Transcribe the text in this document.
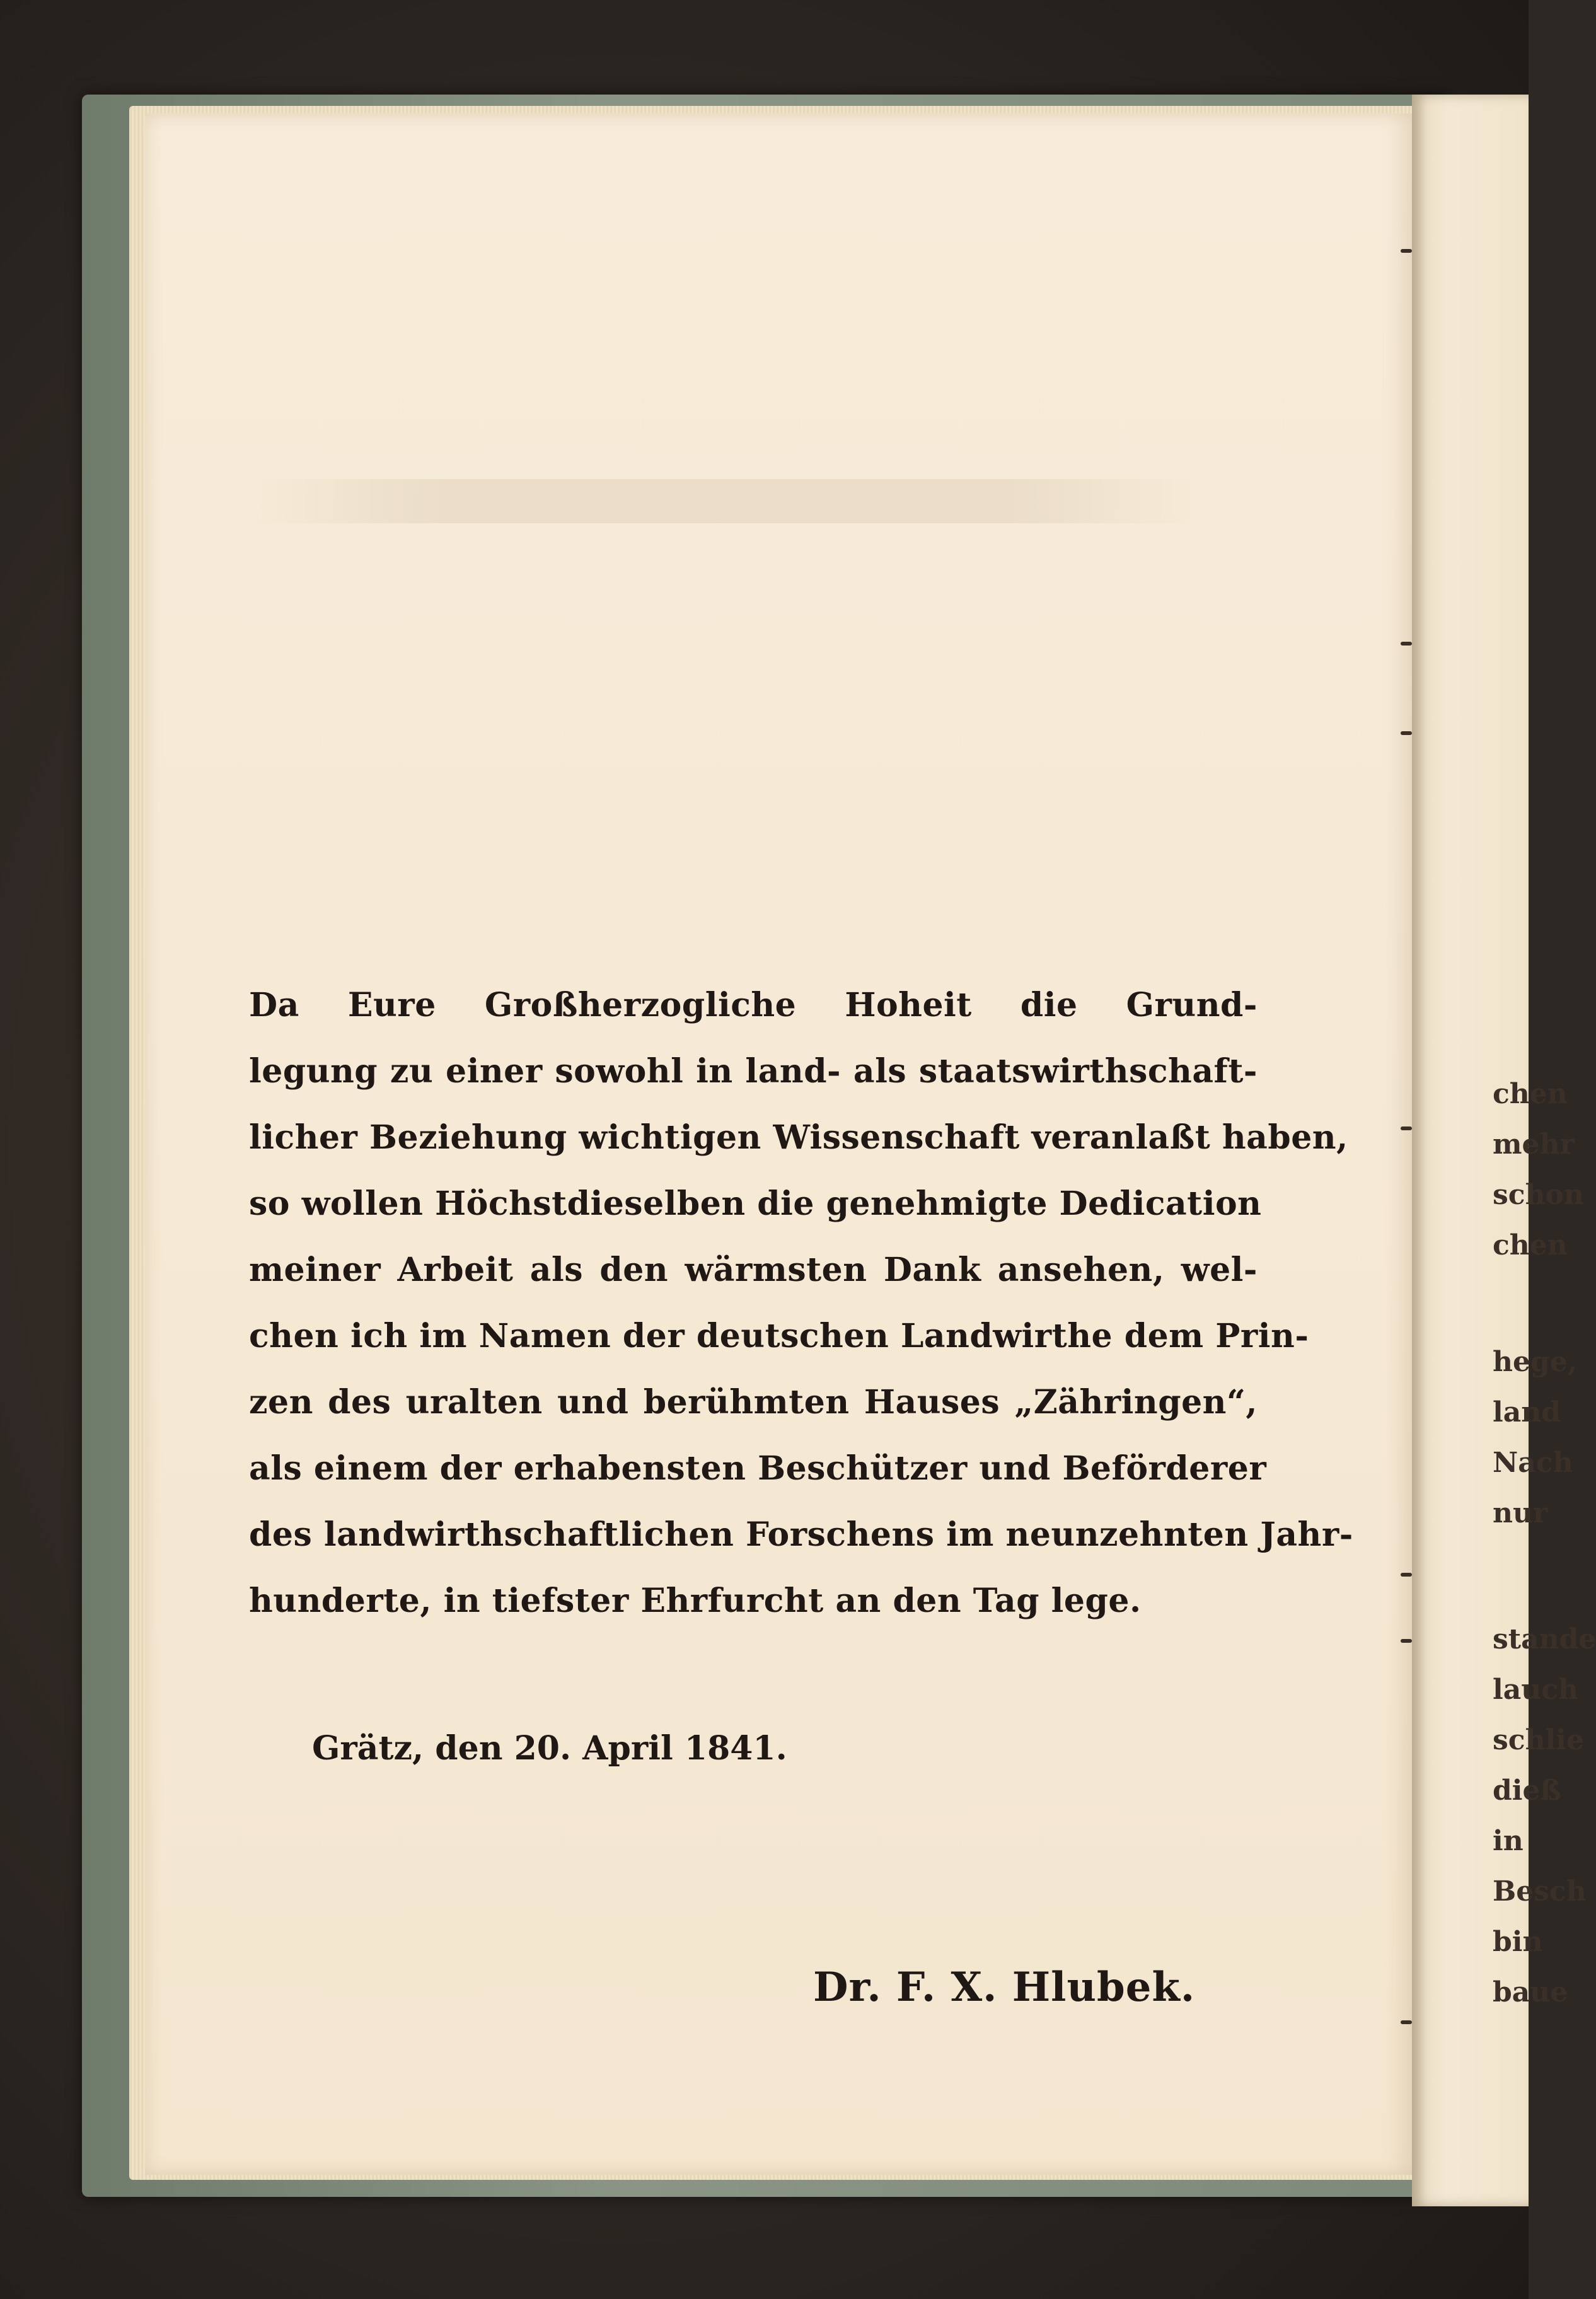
chen
mehr
schon
chen
hege,
land
Nach
nur
stande
lauch
schlie
dieß
in
Besch
bin
baue
Da Eure Großherzogliche Hoheit die Grund-
legung zu einer sowohl in land- als staatswirthschaft-
licher Beziehung wichtigen Wissenschaft veranlaßt haben,
so wollen Höchstdieselben die genehmigte Dedication
meiner Arbeit als den wärmsten Dank ansehen, wel-
chen ich im Namen der deutschen Landwirthe dem Prin-
zen des uralten und berühmten Hauses „Zähringen“,
als einem der erhabensten Beschützer und Beförderer
des landwirthschaftlichen Forschens im neunzehnten Jahr-
hunderte, in tiefster Ehrfurcht an den Tag lege.
Grätz, den 20. April 1841.
Dr. F. X. Hlubek.
